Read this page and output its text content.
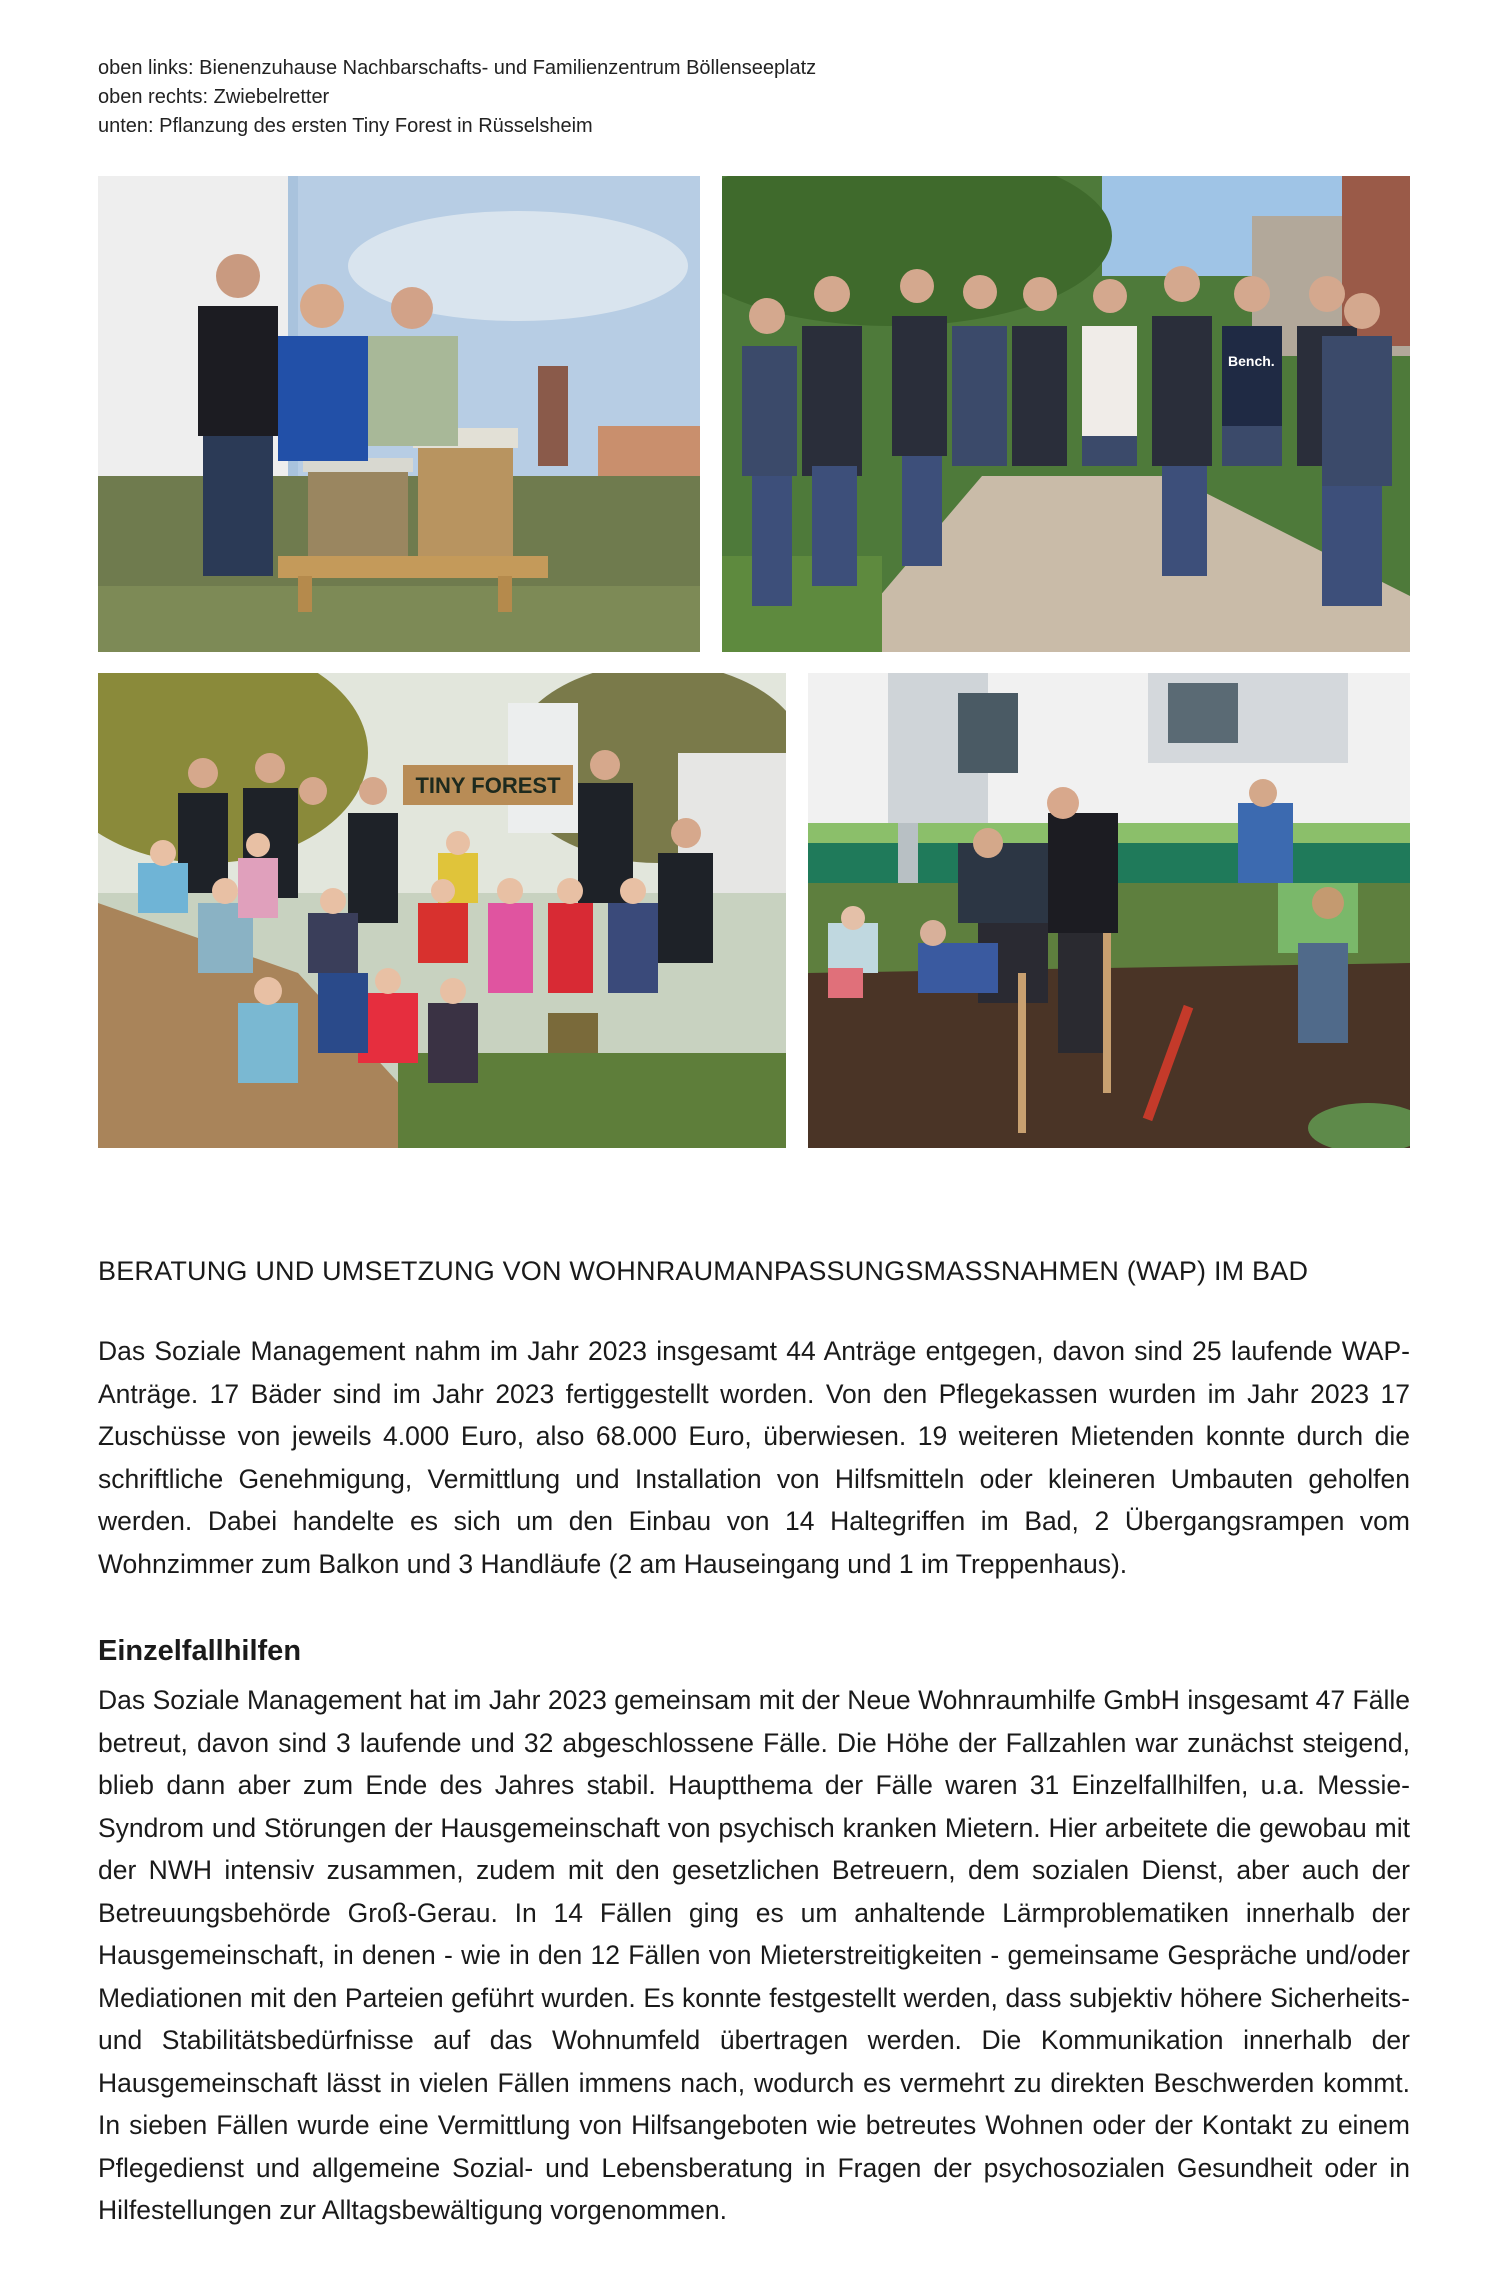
oben links: Bienenzuhause Nachbarschafts- und Familienzentrum Böllenseeplatz
oben rechts: Zwiebelretter
unten: Pflanzung des ersten Tiny Forest in Rüsselsheim
Bench.
TINY FOREST
BERATUNG UND UMSETZUNG VON WOHNRAUMANPASSUNGSMASSNAHMEN (WAP) IM BAD

Das Soziale Management nahm im Jahr 2023 insgesamt 44 Anträge entgegen, davon sind 25 laufende WAP-Anträge. 17 Bäder sind im Jahr 2023 fertiggestellt worden. Von den Pflegekassen wurden im Jahr 2023 17 Zuschüsse von jeweils 4.000 Euro, also 68.000 Euro, überwiesen. 19 weiteren Mietenden konnte durch die schriftliche Genehmigung, Vermittlung und Installation von Hilfsmitteln oder kleineren Umbauten geholfen werden. Dabei handelte es sich um den Einbau von 14 Haltegriffen im Bad, 2 Übergangsrampen vom Wohnzimmer zum Balkon und 3 Handläufe (2 am Hauseingang und 1 im Treppenhaus).

Einzelfallhilfen

Das Soziale Management hat im Jahr 2023 gemeinsam mit der Neue Wohnraumhilfe GmbH insgesamt 47 Fälle betreut, davon sind 3 laufende und 32 abgeschlossene Fälle. Die Höhe der Fallzahlen war zunächst steigend, blieb dann aber zum Ende des Jahres stabil. Hauptthema der Fälle waren 31 Einzelfallhilfen, u.a. Messie-Syndrom und Störungen der Hausgemeinschaft von psychisch kranken Mietern. Hier arbeitete die gewobau mit der NWH intensiv zusammen, zudem mit den gesetzlichen Betreuern, dem sozialen Dienst, aber auch der Betreuungsbehörde Groß-Gerau. In 14 Fällen ging es um anhaltende Lärmproblematiken innerhalb der Hausgemeinschaft, in denen - wie in den 12 Fällen von Mieterstreitigkeiten - gemeinsame Gespräche und/oder Mediationen mit den Parteien geführt wurden. Es konnte festgestellt werden, dass subjektiv höhere Sicherheits- und Stabilitätsbedürfnisse auf das Wohnumfeld übertragen werden. Die Kommunikation innerhalb der Hausgemeinschaft lässt in vielen Fällen immens nach, wodurch es vermehrt zu direkten Beschwerden kommt. In sieben Fällen wurde eine Vermittlung von Hilfsangeboten wie betreutes Wohnen oder der Kontakt zu einem Pflegedienst und allgemeine Sozial- und Lebensberatung in Fragen der psychosozialen Gesundheit oder in Hilfestellungen zur Alltagsbewältigung vorgenommen.
